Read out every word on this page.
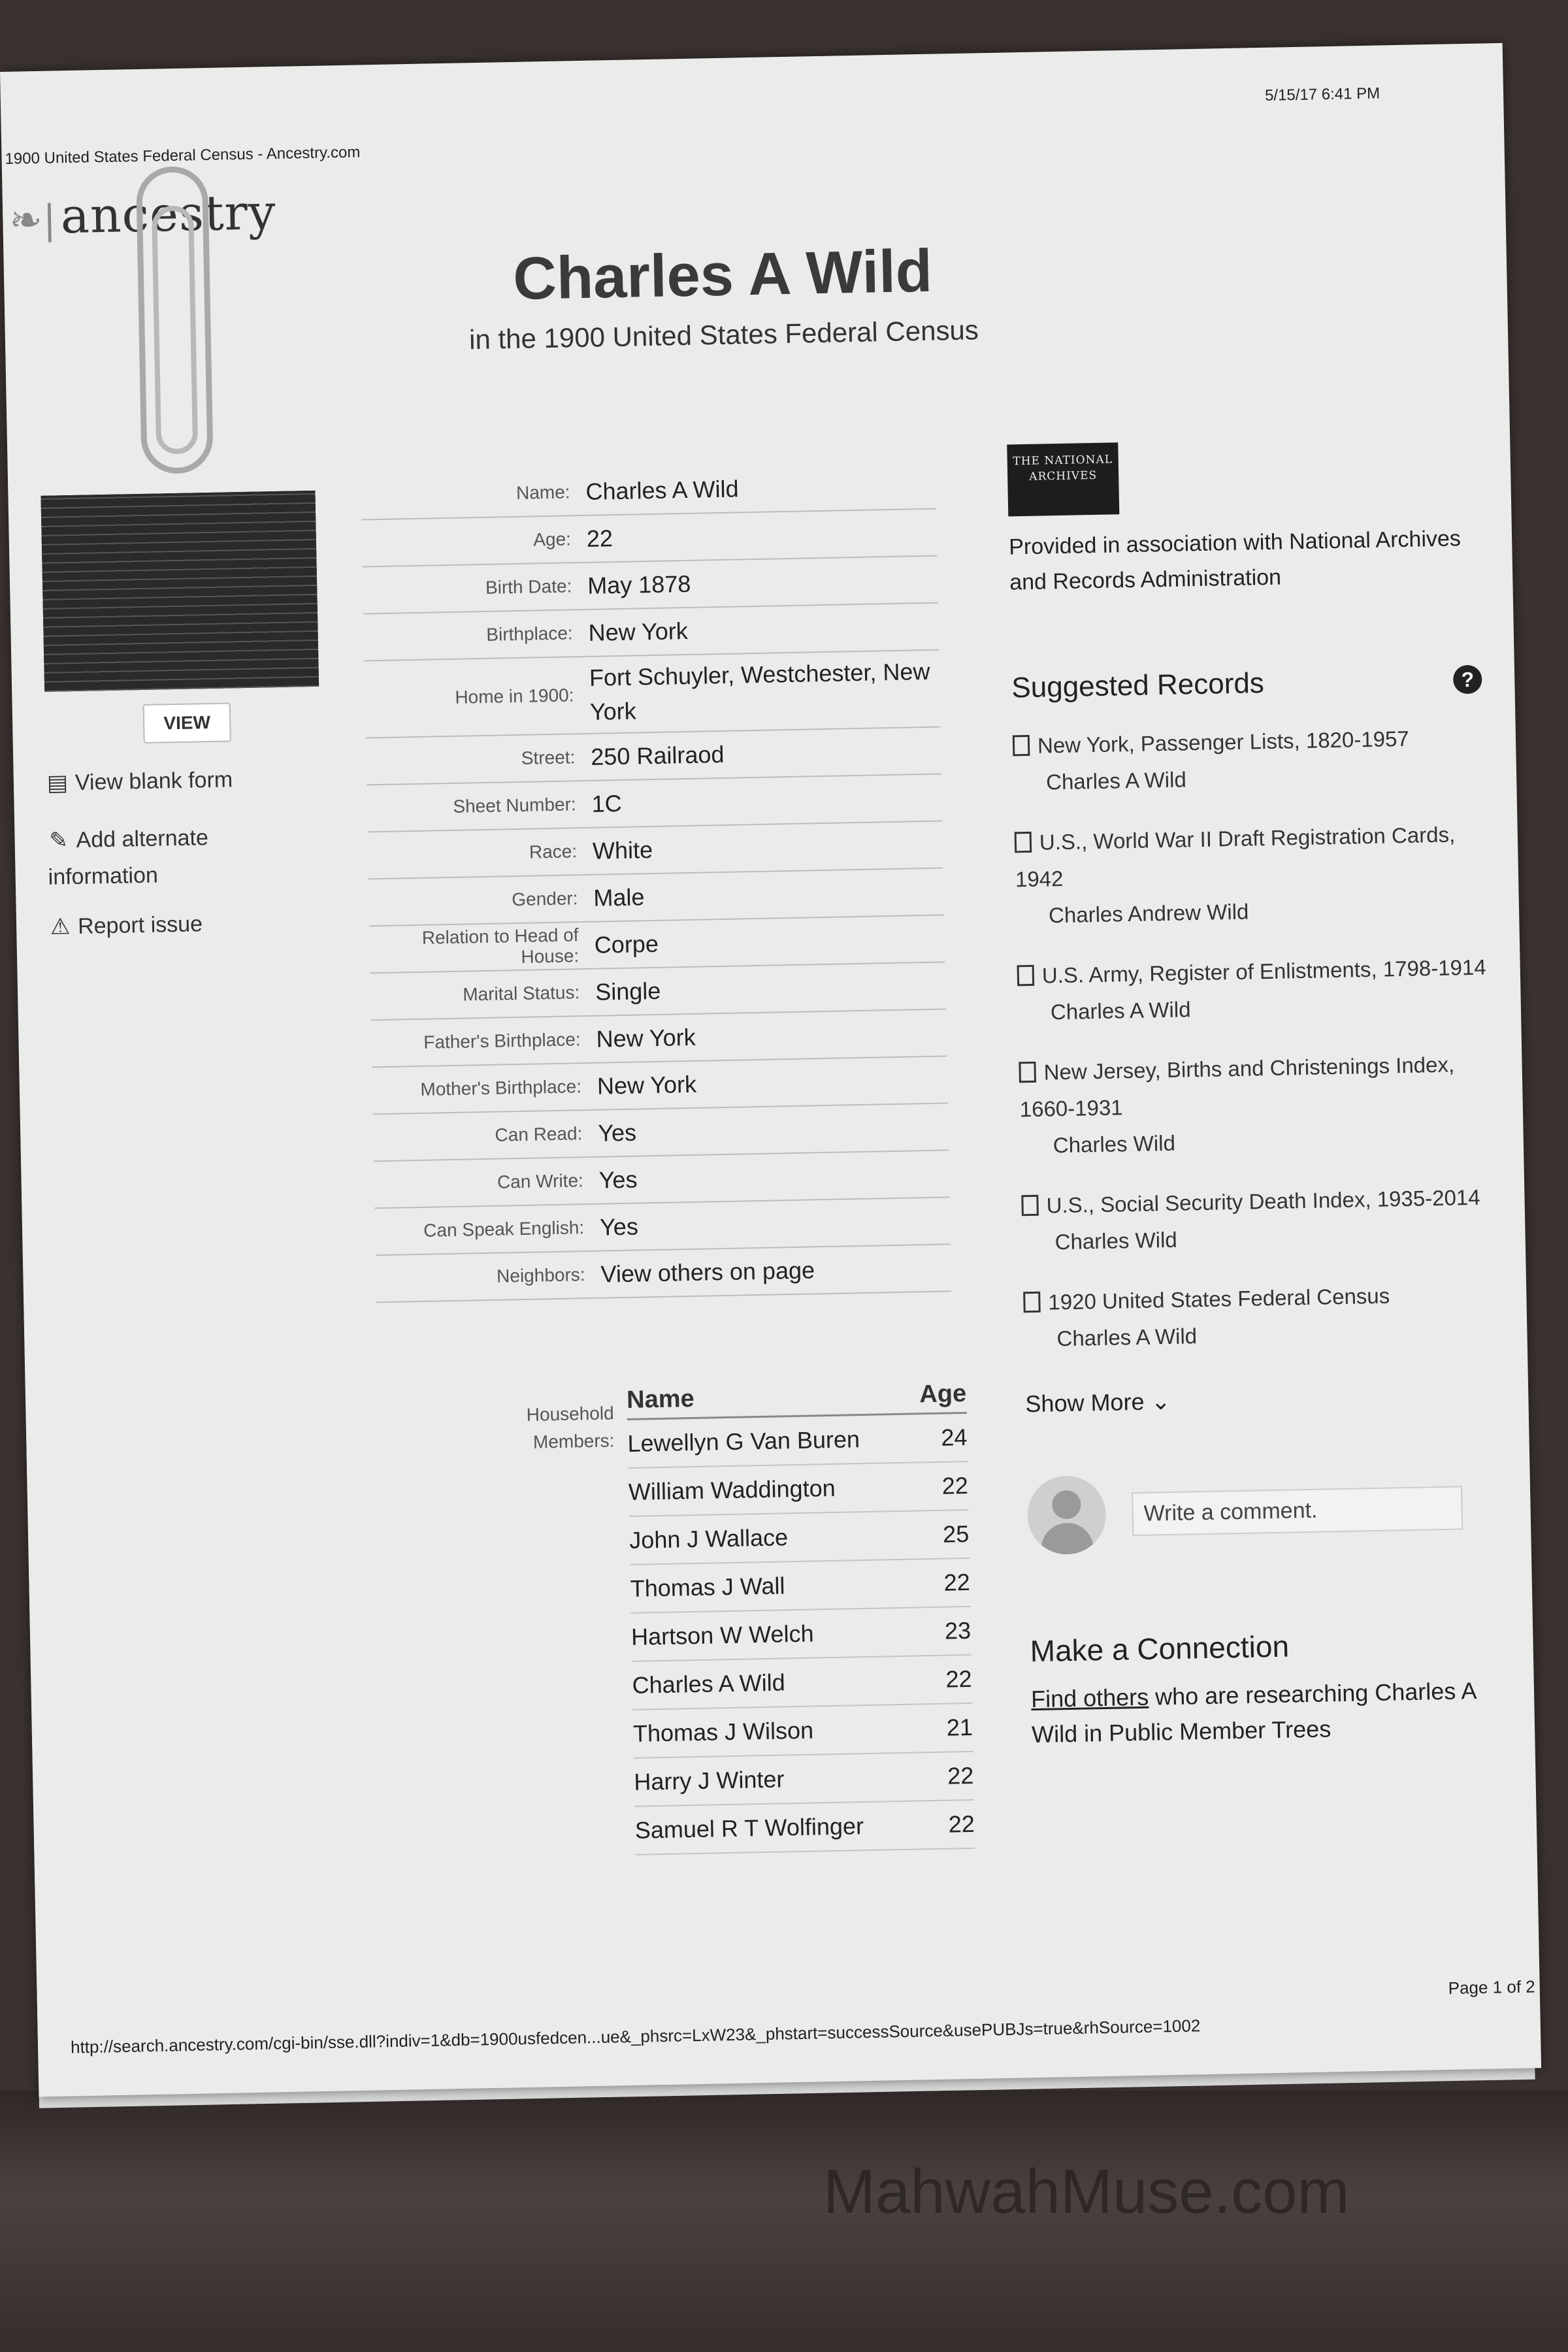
1900 United States Federal Census - Ancestry.com
5/15/17 6:41 PM
❧|ancestry
Charles A Wild
in the 1900 United States Federal Census
VIEW
▤ View blank form
✎ Add alternate
information
⚠ Report issue
Name: Charles A Wild
Age: 22
Birth Date: May 1878
Birthplace: New York
Home in 1900:
Fort Schuyler, Westchester, New York
Street: 250 Railraod
Sheet Number: 1C
Race: White
Gender: Male
Relation to Head of House: Corpe
Marital Status: Single
Father's Birthplace: New York
Mother's Birthplace: New York
Can Read: Yes
Can Write: Yes
Can Speak English: Yes
Neighbors: View others on page
Household Members:
Name	Age
Lewellyn G Van Buren	24
William Waddington	22
John J Wallace	25
Thomas J Wall	22
Hartson W Welch	23
Charles A Wild	22
Thomas J Wilson	21
Harry J Winter	22
Samuel R T Wolfinger	22
THE NATIONAL ARCHIVES
Provided in association with National Archives and Records Administration
Suggested Records	?
New York, Passenger Lists, 1820-1957
Charles A Wild
U.S., World War II Draft Registration Cards, 1942
Charles Andrew Wild
U.S. Army, Register of Enlistments, 1798-1914
Charles A Wild
New Jersey, Births and Christenings Index, 1660-1931
Charles Wild
U.S., Social Security Death Index, 1935-2014
Charles Wild
1920 United States Federal Census
Charles A Wild
Show More ⌄
Write a comment.
Make a Connection
Find others who are researching Charles A Wild in Public Member Trees
Page 1 of 2
http://search.ancestry.com/cgi-bin/sse.dll?indiv=1&db=1900usfedcen...ue&_phsrc=LxW23&_phstart=successSource&usePUBJs=true&rhSource=1002
MahwahMuse.com
